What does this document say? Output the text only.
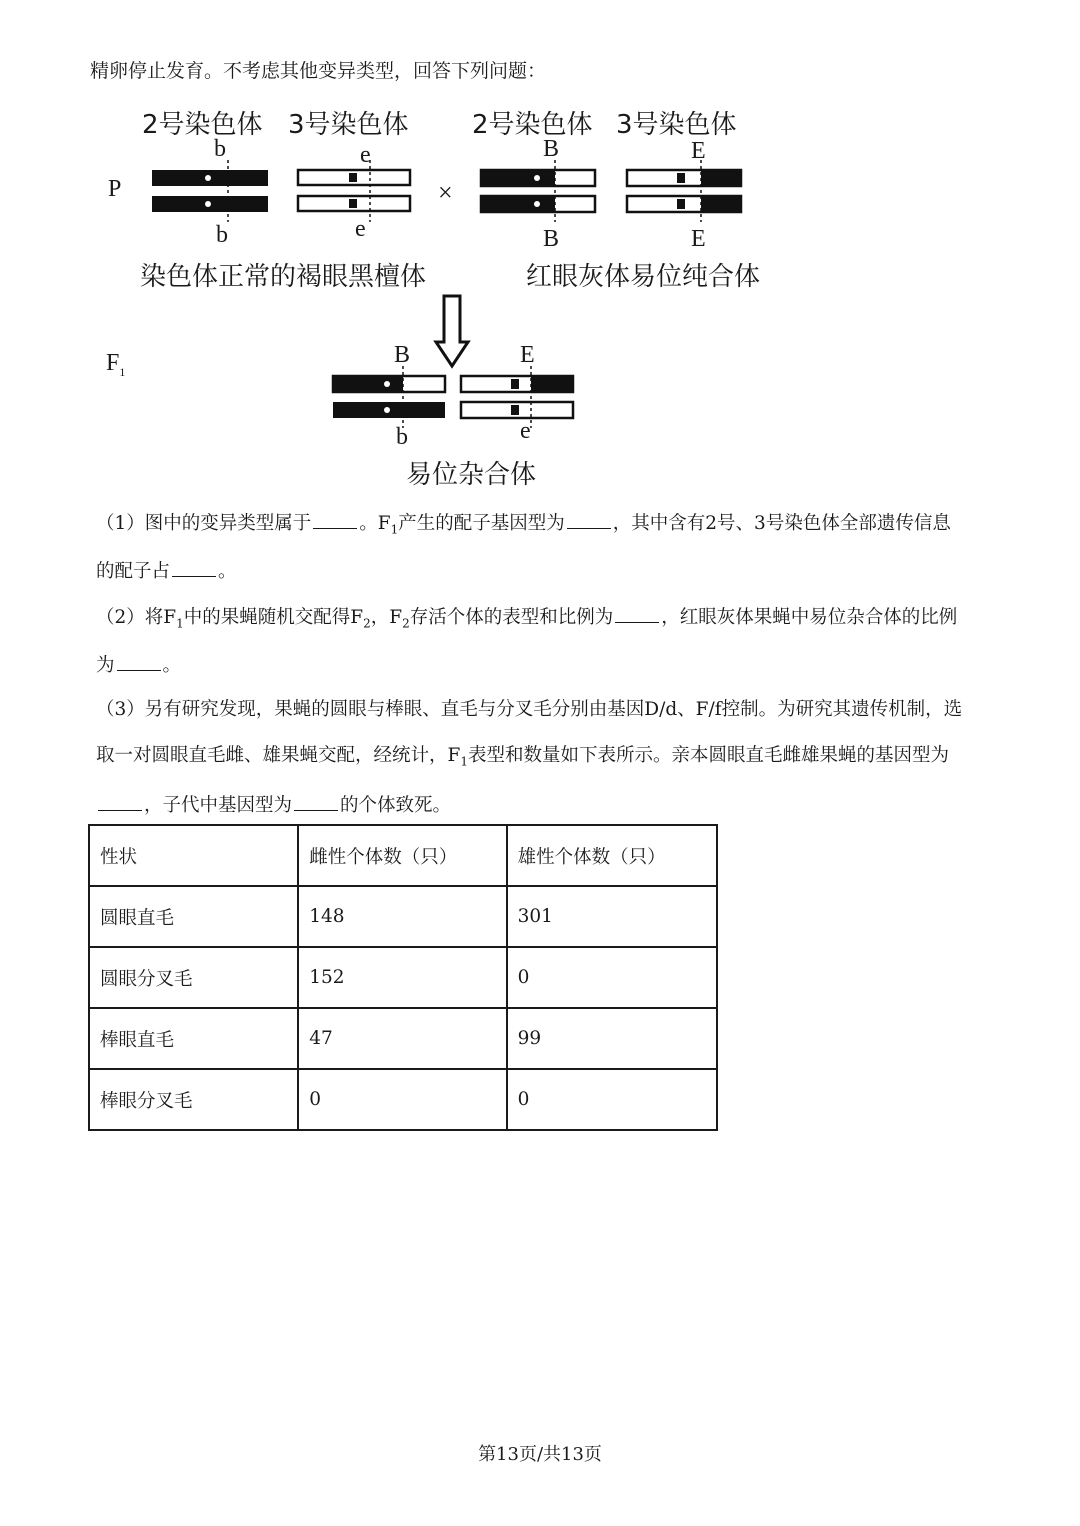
精卵停止发育。不考虑其他变异类型，回答下列问题：
2号染色体 3号染色体 2号染色体 3号染色体
P
b
b
e
e
×
B
B
E
E
染色体正常的褐眼黑檀体	红眼灰体易位纯合体
$F_1$
B
b
E
e
易位杂合体
（1）图中的变异类型属于	。$F_1$产生的配子基因型为	，其中含有2号、3号染色体全部遗传信息
的配子占	。
（2）将$F_1$中的果蝇随机交配得$F_2$，$F_2$存活个体的表型和比例为	，红眼灰体果蝇中易位杂合体的比例
为	。
（3）另有研究发现，果蝇的圆眼与棒眼、直毛与分叉毛分别由基因D/d、F/f控制。为研究其遗传机制，选
取一对圆眼直毛雌、雄果蝇交配，经统计，$F_1$表型和数量如下表所示。亲本圆眼直毛雌雄果蝇的基因型为
，子代中基因型为	的个体致死。
性状	雌性个体数（只）	雄性个体数（只）
圆眼直毛	148	301
圆眼分叉毛	152	0
棒眼直毛	47	99
棒眼分叉毛	0	0
第13页/共13页
